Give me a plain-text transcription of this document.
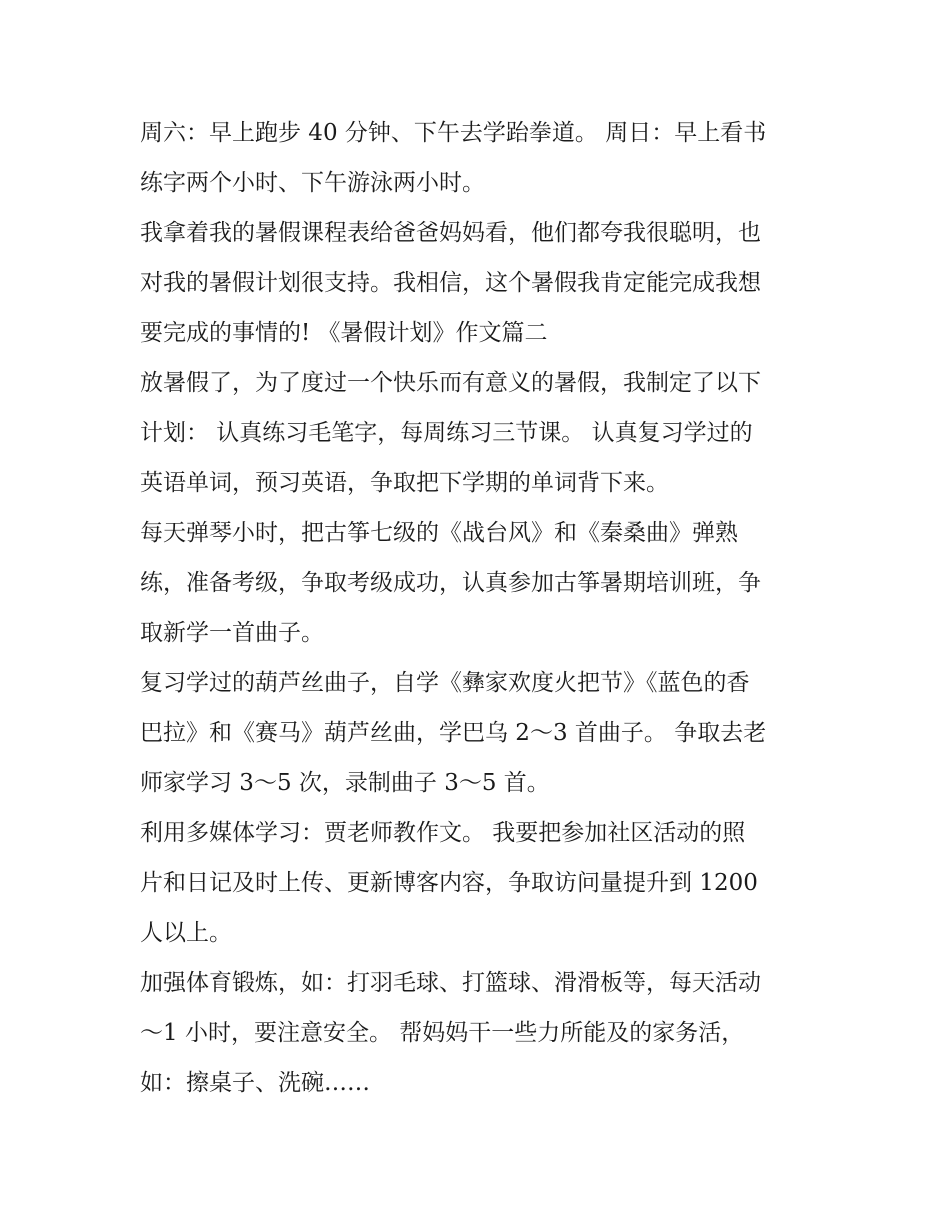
周六：早上跑步 40 分钟、下午去学跆拳道。 周日：早上看书
练字两个小时、下午游泳两小时。
我拿着我的暑假课程表给爸爸妈妈看，他们都夸我很聪明，也
对我的暑假计划很支持。我相信，这个暑假我肯定能完成我想
要完成的事情的! 《暑假计划》作文篇二
放暑假了，为了度过一个快乐而有意义的暑假，我制定了以下
计划： 认真练习毛笔字，每周练习三节课。 认真复习学过的
英语单词，预习英语，争取把下学期的单词背下来。
每天弹琴小时，把古筝七级的《战台风》和《秦桑曲》弹熟
练，准备考级，争取考级成功，认真参加古筝暑期培训班，争
取新学一首曲子。
复习学过的葫芦丝曲子，自学《彝家欢度火把节》《蓝色的香
巴拉》和《赛马》葫芦丝曲，学巴乌 2～3 首曲子。 争取去老
师家学习 3～5 次，录制曲子 3～5 首。
利用多媒体学习：贾老师教作文。 我要把参加社区活动的照
片和日记及时上传、更新博客内容，争取访问量提升到 1200
人以上。
加强体育锻炼，如：打羽毛球、打篮球、滑滑板等，每天活动
～1 小时，要注意安全。 帮妈妈干一些力所能及的家务活，
如：擦桌子、洗碗……
